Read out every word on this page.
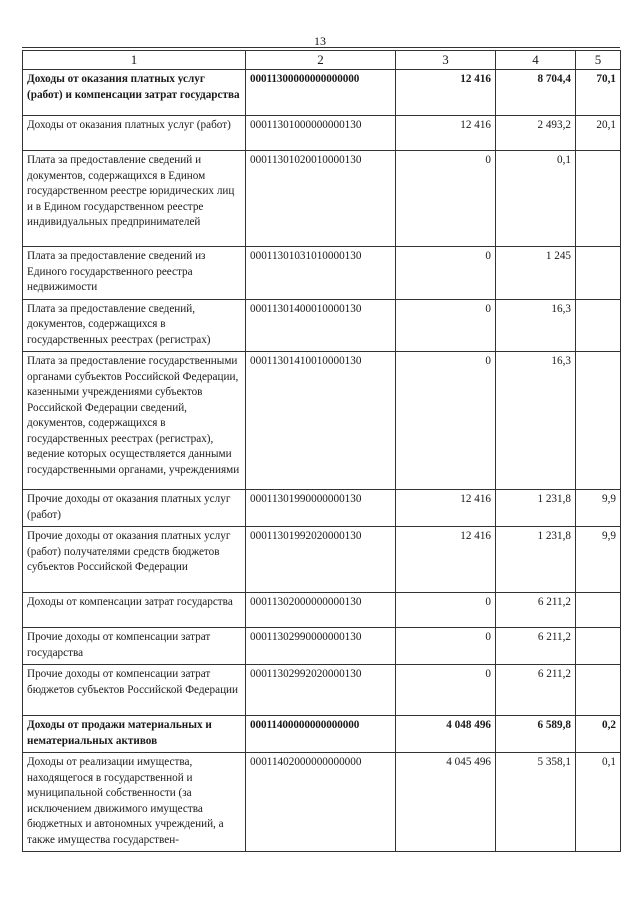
13
1	2	3	4	5
Доходы от оказания платных услуг (работ) и компенсации затрат государства	00011300000000000000	12 416	8 704,4	70,1
Доходы от оказания платных услуг (работ)	00011301000000000130	12 416	2 493,2	20,1
Плата за предоставление сведений и документов, содержащихся в Едином государственном реестре юридических лиц и в Едином государственном реестре индивидуальных предпринимателей	00011301020010000130	0	0,1	
Плата за предоставление сведений из Единого государственного реестра недвижимости	00011301031010000130	0	1 245	
Плата за предоставление сведений, документов, содержащихся в государственных реестрах (регистрах)	00011301400010000130	0	16,3	
Плата за предоставление государственными органами субъектов Российской Федерации, казенными учреждениями субъектов Российской Федерации сведений, документов, содержащихся в государственных реестрах (регистрах), ведение которых осуществляется данными государственными органами, учреждениями	00011301410010000130	0	16,3	
Прочие доходы от оказания платных услуг (работ)	00011301990000000130	12 416	1 231,8	9,9
Прочие доходы от оказания платных услуг (работ) получателями средств бюджетов субъектов Российской Федерации	00011301992020000130	12 416	1 231,8	9,9
Доходы от компенсации затрат государства	00011302000000000130	0	6 211,2	
Прочие доходы от компенсации затрат государства	00011302990000000130	0	6 211,2	
Прочие доходы от компенсации затрат бюджетов субъектов Российской Федерации	00011302992020000130	0	6 211,2	
Доходы от продажи материальных и нематериальных активов	00011400000000000000	4 048 496	6 589,8	0,2
Доходы от реализации имущества, находящегося в государственной и муниципальной собственности (за исключением движимого имущества бюджетных и автономных учреждений, а также имущества государствен-	00011402000000000000	4 045 496	5 358,1	0,1
